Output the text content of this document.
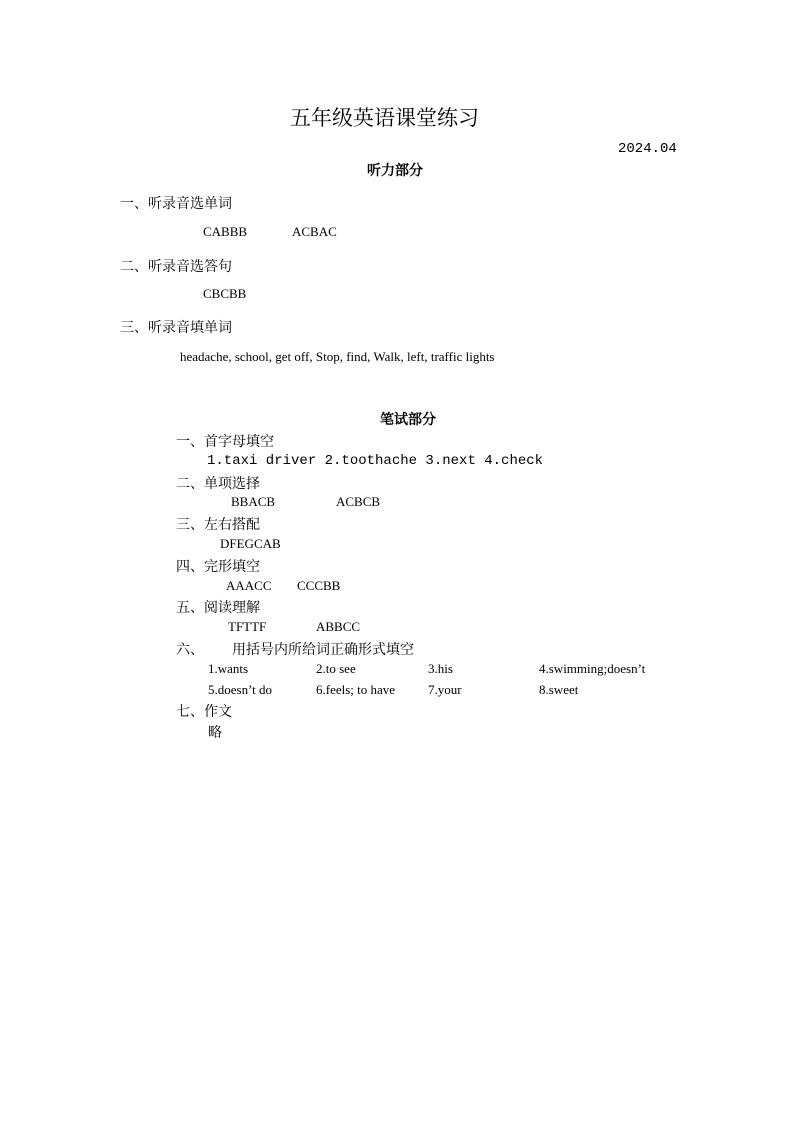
五年级英语课堂练习
2024.04
听力部分
一、听录音选单词
CABBB	ACBAC
二、听录音选答句
CBCBB
三、听录音填单词
headache, school, get off, Stop, find, Walk, left, traffic lights
笔试部分
一、首字母填空
1.taxi driver 2.toothache 3.next 4.check
二、单项选择
BBACB	ACBCB
三、左右搭配
DFEGCAB
四、完形填空
AAACC CCCBB
五、阅读理解
TFTTF	ABBCC
六、 用括号内所给词正确形式填空
1.wants	2.to see	3.his	4.swimming;doesn’t
5.doesn’t do	6.feels; to have	7.your	8.sweet
七、作文
略
